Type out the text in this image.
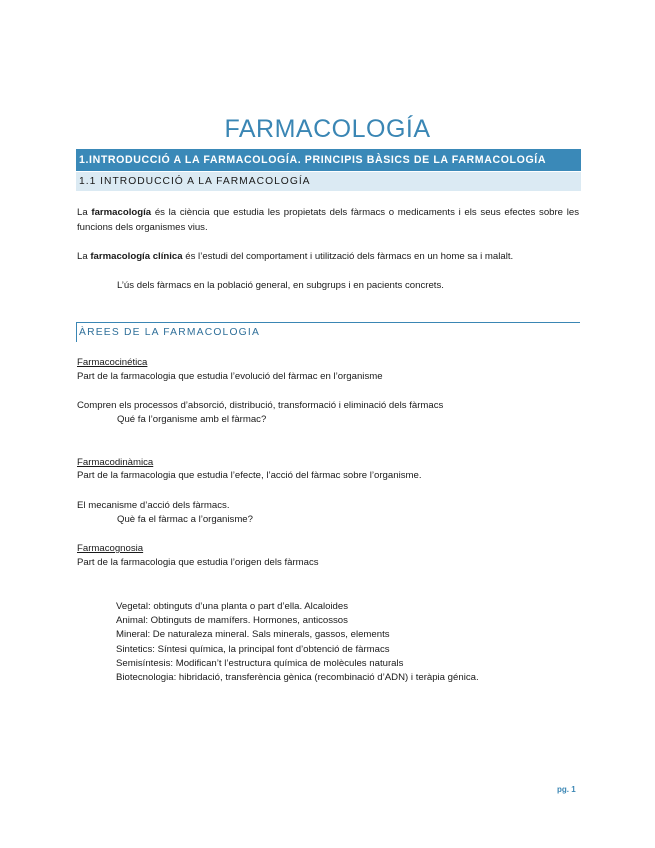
FARMACOLOGÍA
1.INTRODUCCIÓ A LA FARMACOLOGÍA. PRINCIPIS BÀSICS DE LA FARMACOLOGÍA
1.1 INTRODUCCIÓ A LA FARMACOLOGÍA
La farmacología és la ciència que estudia les propietats dels fàrmacs o medicaments i els seus efectes sobre les funcions dels organismes vius.
La farmacología clínica és l’estudi del comportament i utilització dels fàrmacs en un home sa i malalt.
L’ús dels fàrmacs en la població general, en subgrups i en pacients concrets.
ÀREES DE LA FARMACOLOGIA
Farmacocinética
Part de la farmacologia que estudia l’evolució del fàrmac en l’organisme
Compren els processos d’absorció, distribució, transformació i eliminació dels fàrmacs
Qué fa l’organisme amb el fàrmac?
Farmacodinàmica
Part de la farmacologia que estudia l’efecte, l’acció del fàrmac sobre l’organisme.
El mecanisme d’acció dels fàrmacs.
Què fa el fàrmac a l’organisme?
Farmacognosia
Part de la farmacologia que estudia l’origen dels fàrmacs
Vegetal: obtinguts d’una planta o part d’ella. Alcaloides
Animal: Obtinguts de mamífers. Hormones, anticossos
Mineral: De naturaleza mineral. Sals minerals, gassos, elements
Sintetics: Síntesi química, la principal font d’obtenció de fàrmacs
Semisíntesis: Modifican’t l’estructura química de molècules naturals
Biotecnologia: hibridació, transferència gènica (recombinació d’ADN) i teràpia génica.
pg. 1
